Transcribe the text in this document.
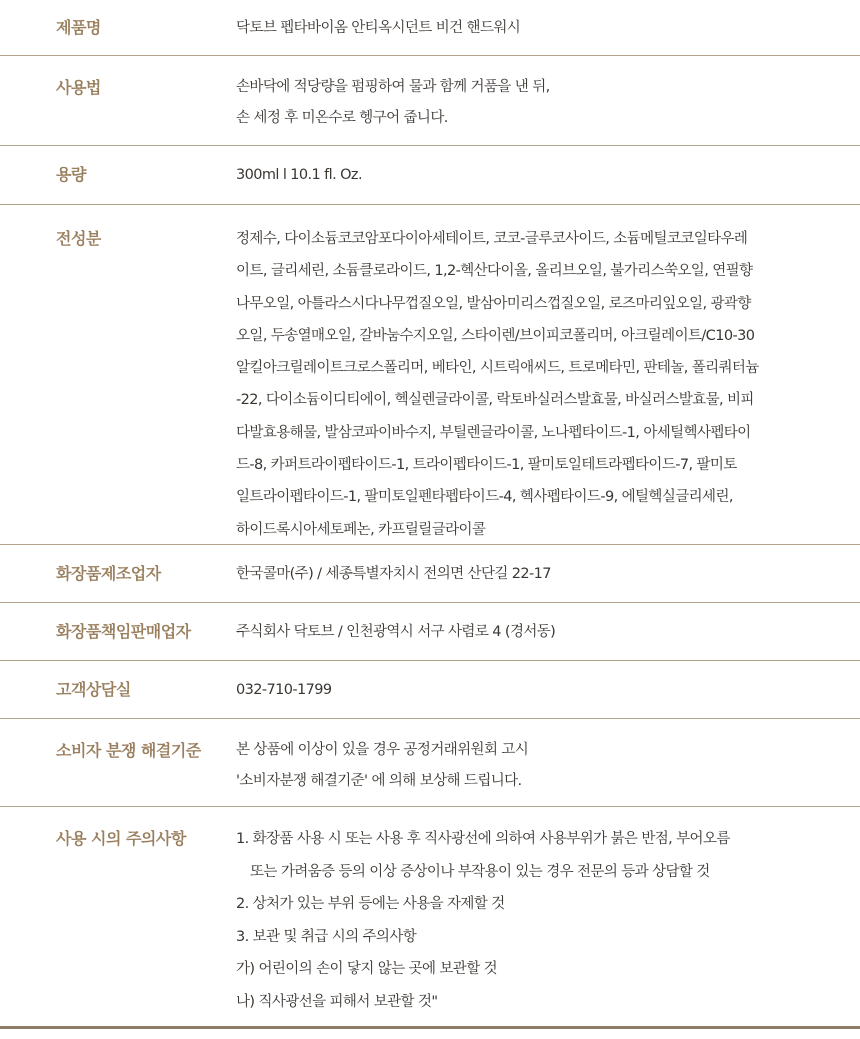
제품명	닥토브 펩타바이옴 안티옥시던트 비건 핸드워시
사용법	손바닥에 적당량을 펌핑하여 물과 함께 거품을 낸 뒤,
손 세정 후 미온수로 헹구어 줍니다.
용량	300ml l 10.1 fl. Oz.
전성분	정제수, 다이소듐코코암포다이아세테이트, 코코-글루코사이드, 소듐메틸코코일타우레
이트, 글리세린, 소듐클로라이드, 1,2-헥산다이올, 올리브오일, 불가리스쑥오일, 연필향
나무오일, 아틀라스시다나무껍질오일, 발삼아미리스껍질오일, 로즈마리잎오일, 광곽향
오일, 두송열매오일, 갈바눔수지오일, 스타이렌/브이피코폴리머, 아크릴레이트/C10-30
알킬아크릴레이트크로스폴리머, 베타인, 시트릭애씨드, 트로메타민, 판테놀, 폴리쿼터늄
-22, 다이소듐이디티에이, 헥실렌글라이콜, 락토바실러스발효물, 바실러스발효물, 비피
다발효용해물, 발삼코파이바수지, 부틸렌글라이콜, 노나펩타이드-1, 아세틸헥사펩타이
드-8, 카퍼트라이펩타이드-1, 트라이펩타이드-1, 팔미토일테트라펩타이드-7, 팔미토
일트라이펩타이드-1, 팔미토일펜타펩타이드-4, 헥사펩타이드-9, 에틸헥실글리세린,
하이드록시아세토페논, 카프릴릴글라이콜
화장품제조업자	한국콜마(주) / 세종특별자치시 전의면 산단길 22-17
화장품책임판매업자	주식회사 닥토브 / 인천광역시 서구 사렴로 4 (경서동)
고객상담실	032-710-1799
소비자 분쟁 해결기준	본 상품에 이상이 있을 경우 공정거래위원회 고시
'소비자분쟁 해결기준' 에 의해 보상해 드립니다.
사용 시의 주의사항	1. 화장품 사용 시 또는 사용 후 직사광선에 의하여 사용부위가 붉은 반점, 부어오름
또는 가려움증 등의 이상 증상이나 부작용이 있는 경우 전문의 등과 상담할 것
2. 상처가 있는 부위 등에는 사용을 자제할 것
3. 보관 및 취급 시의 주의사항
가) 어린이의 손이 닿지 않는 곳에 보관할 것
나) 직사광선을 피해서 보관할 것"
